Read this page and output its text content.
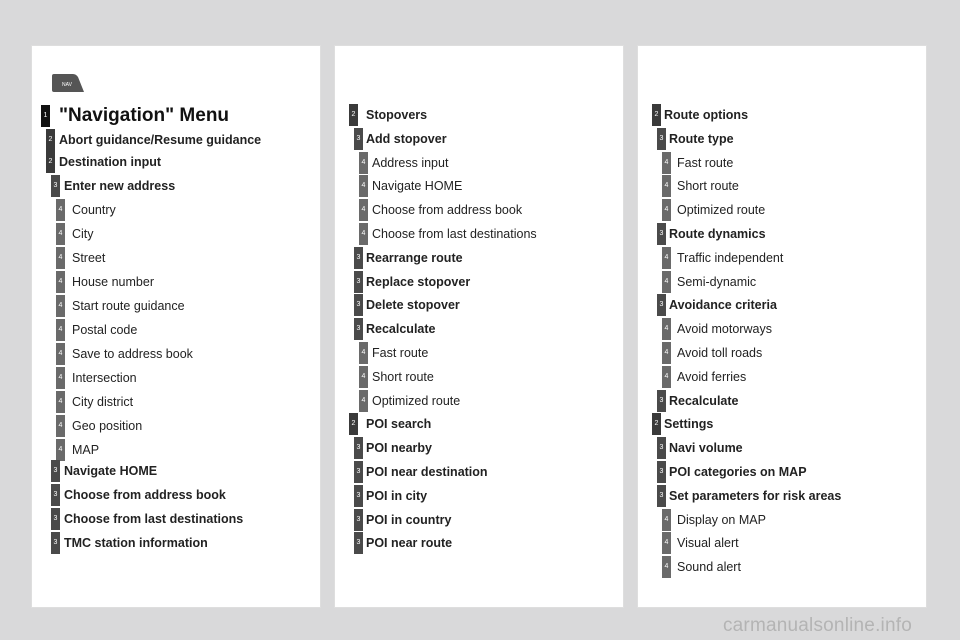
NAV
1 "Navigation" Menu
2 Abort guidance/Resume guidance
2 Destination input
3 Enter new address
4 Country
4 City
4 Street
4 House number
4 Start route guidance
4 Postal code
4 Save to address book
4 Intersection
4 City district
4 Geo position
4 MAP
3 Navigate HOME
3 Choose from address book
3 Choose from last destinations
3 TMC station information
2 Stopovers
3 Add stopover
4 Address input
4 Navigate HOME
4 Choose from address book
4 Choose from last destinations
3 Rearrange route
3 Replace stopover
3 Delete stopover
3 Recalculate
4 Fast route
4 Short route
4 Optimized route
2 POI search
3 POI nearby
3 POI near destination
3 POI in city
3 POI in country
3 POI near route
2 Route options
3 Route type
4 Fast route
4 Short route
4 Optimized route
3 Route dynamics
4 Traffic independent
4 Semi-dynamic
3 Avoidance criteria
4 Avoid motorways
4 Avoid toll roads
4 Avoid ferries
3 Recalculate
2 Settings
3 Navi volume
3 POI categories on MAP
3 Set parameters for risk areas
4 Display on MAP
4 Visual alert
4 Sound alert
carmanualsonline.info
